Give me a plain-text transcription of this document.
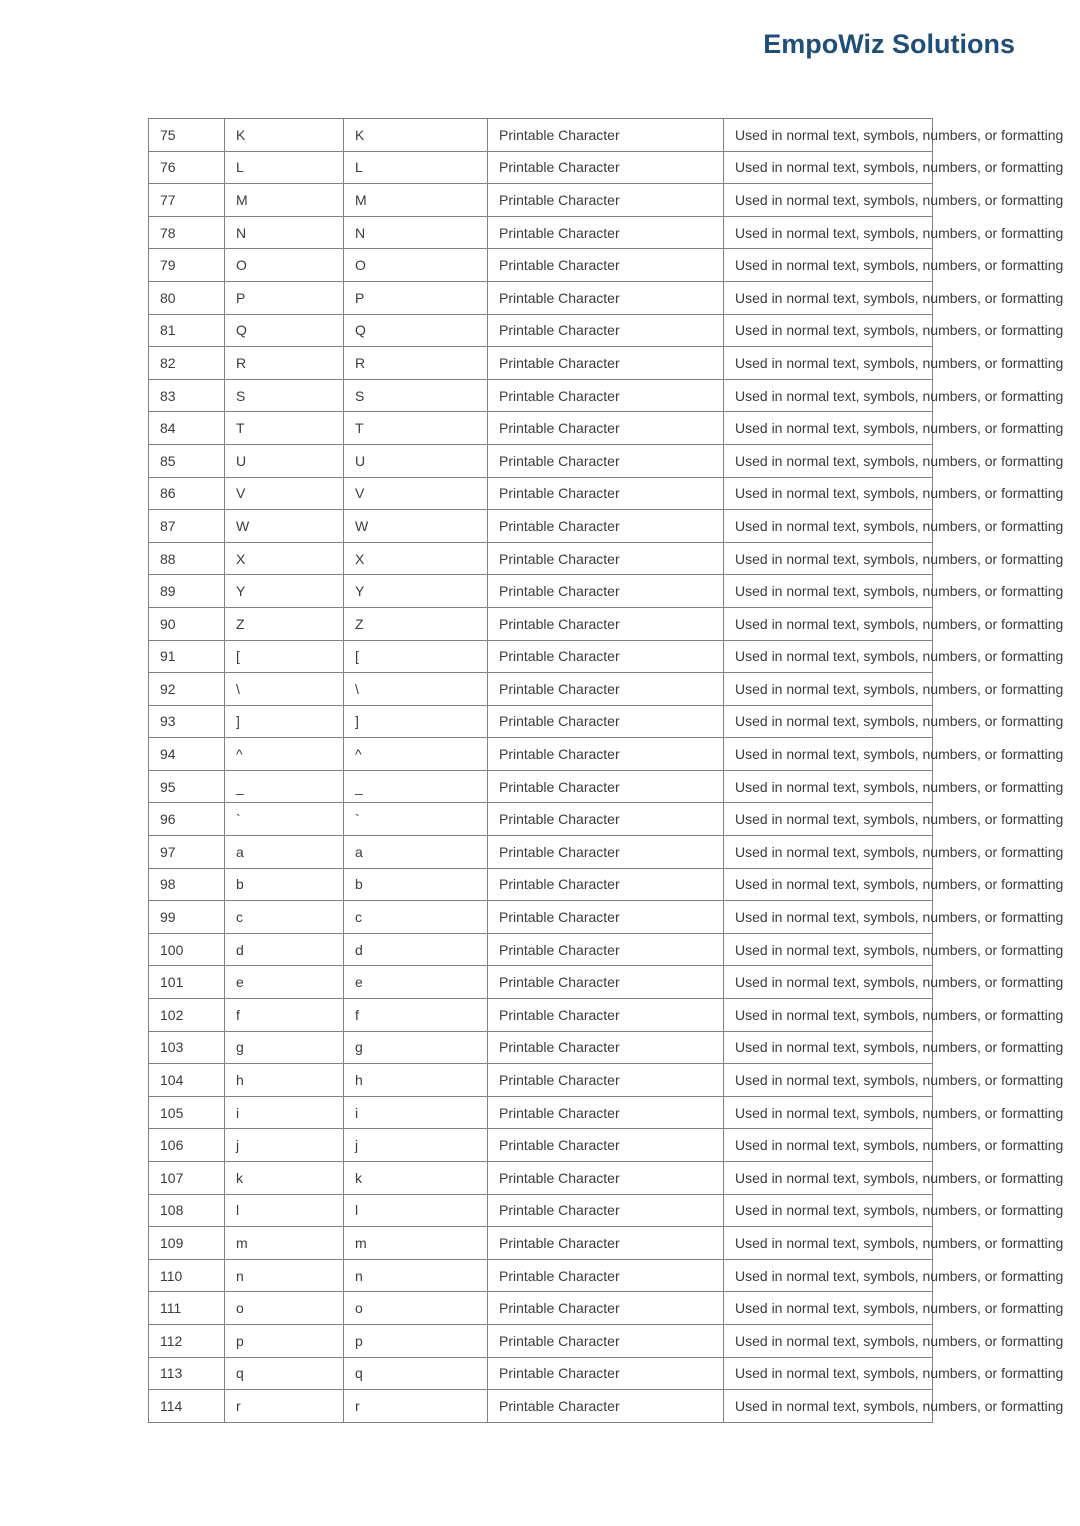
EmpoWiz Solutions
75	K	K	Printable Character	Used in normal text, symbols, numbers, or formatting
76	L	L	Printable Character	Used in normal text, symbols, numbers, or formatting
77	M	M	Printable Character	Used in normal text, symbols, numbers, or formatting
78	N	N	Printable Character	Used in normal text, symbols, numbers, or formatting
79	O	O	Printable Character	Used in normal text, symbols, numbers, or formatting
80	P	P	Printable Character	Used in normal text, symbols, numbers, or formatting
81	Q	Q	Printable Character	Used in normal text, symbols, numbers, or formatting
82	R	R	Printable Character	Used in normal text, symbols, numbers, or formatting
83	S	S	Printable Character	Used in normal text, symbols, numbers, or formatting
84	T	T	Printable Character	Used in normal text, symbols, numbers, or formatting
85	U	U	Printable Character	Used in normal text, symbols, numbers, or formatting
86	V	V	Printable Character	Used in normal text, symbols, numbers, or formatting
87	W	W	Printable Character	Used in normal text, symbols, numbers, or formatting
88	X	X	Printable Character	Used in normal text, symbols, numbers, or formatting
89	Y	Y	Printable Character	Used in normal text, symbols, numbers, or formatting
90	Z	Z	Printable Character	Used in normal text, symbols, numbers, or formatting
91	[	[	Printable Character	Used in normal text, symbols, numbers, or formatting
92	\	\	Printable Character	Used in normal text, symbols, numbers, or formatting
93	]	]	Printable Character	Used in normal text, symbols, numbers, or formatting
94	^	^	Printable Character	Used in normal text, symbols, numbers, or formatting
95	_	_	Printable Character	Used in normal text, symbols, numbers, or formatting
96	`	`	Printable Character	Used in normal text, symbols, numbers, or formatting
97	a	a	Printable Character	Used in normal text, symbols, numbers, or formatting
98	b	b	Printable Character	Used in normal text, symbols, numbers, or formatting
99	c	c	Printable Character	Used in normal text, symbols, numbers, or formatting
100	d	d	Printable Character	Used in normal text, symbols, numbers, or formatting
101	e	e	Printable Character	Used in normal text, symbols, numbers, or formatting
102	f	f	Printable Character	Used in normal text, symbols, numbers, or formatting
103	g	g	Printable Character	Used in normal text, symbols, numbers, or formatting
104	h	h	Printable Character	Used in normal text, symbols, numbers, or formatting
105	i	i	Printable Character	Used in normal text, symbols, numbers, or formatting
106	j	j	Printable Character	Used in normal text, symbols, numbers, or formatting
107	k	k	Printable Character	Used in normal text, symbols, numbers, or formatting
108	l	l	Printable Character	Used in normal text, symbols, numbers, or formatting
109	m	m	Printable Character	Used in normal text, symbols, numbers, or formatting
110	n	n	Printable Character	Used in normal text, symbols, numbers, or formatting
111	o	o	Printable Character	Used in normal text, symbols, numbers, or formatting
112	p	p	Printable Character	Used in normal text, symbols, numbers, or formatting
113	q	q	Printable Character	Used in normal text, symbols, numbers, or formatting
114	r	r	Printable Character	Used in normal text, symbols, numbers, or formatting
